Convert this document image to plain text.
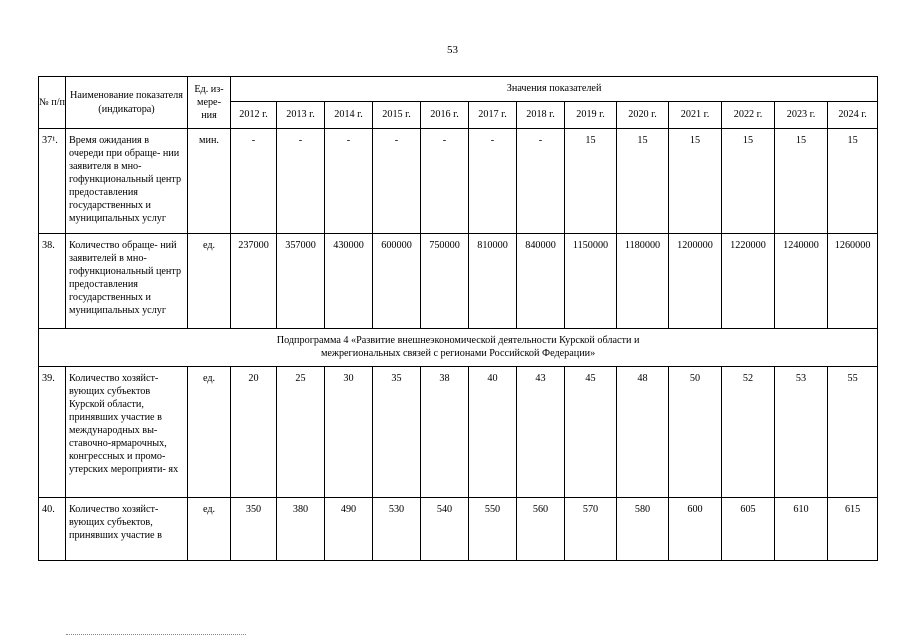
53
№ п/п	Наименование показателя (индикатора)	Ед. из- мере- ния	Значения показателей												
			2012 г.	2013 г.	2014 г.	2015 г.	2016 г.	2017 г.	2018 г.	2019 г.	2020 г.	2021 г.	2022 г.	2023 г.	2024 г.
37¹.	Время ожидания в очереди при обраще- нии заявителя в мно- гофункциональный центр предоставления государственных и муниципальных услуг	мин.	-	-	-	-	-	-	-	15	15	15	15	15	15
38.	Количество обраще- ний заявителей в мно- гофункциональный центр предоставления государственных и муниципальных услуг	ед.	237000	357000	430000	600000	750000	810000	840000	1150000	1180000	1200000	1220000	1240000	1260000
Подпрограмма 4 «Развитие внешнеэкономической деятельности Курской области и
межрегиональных связей с регионами Российской Федерации»															
39.	Количество хозяйст- вующих субъектов Курской области, принявших участие в международных вы- ставочно-ярмарочных, конгрессных и промо- утерских мероприяти- ях	ед.	20	25	30	35	38	40	43	45	48	50	52	53	55
40.	Количество хозяйст- вующих субъектов, принявших участие в	ед.	350	380	490	530	540	550	560	570	580	600	605	610	615
